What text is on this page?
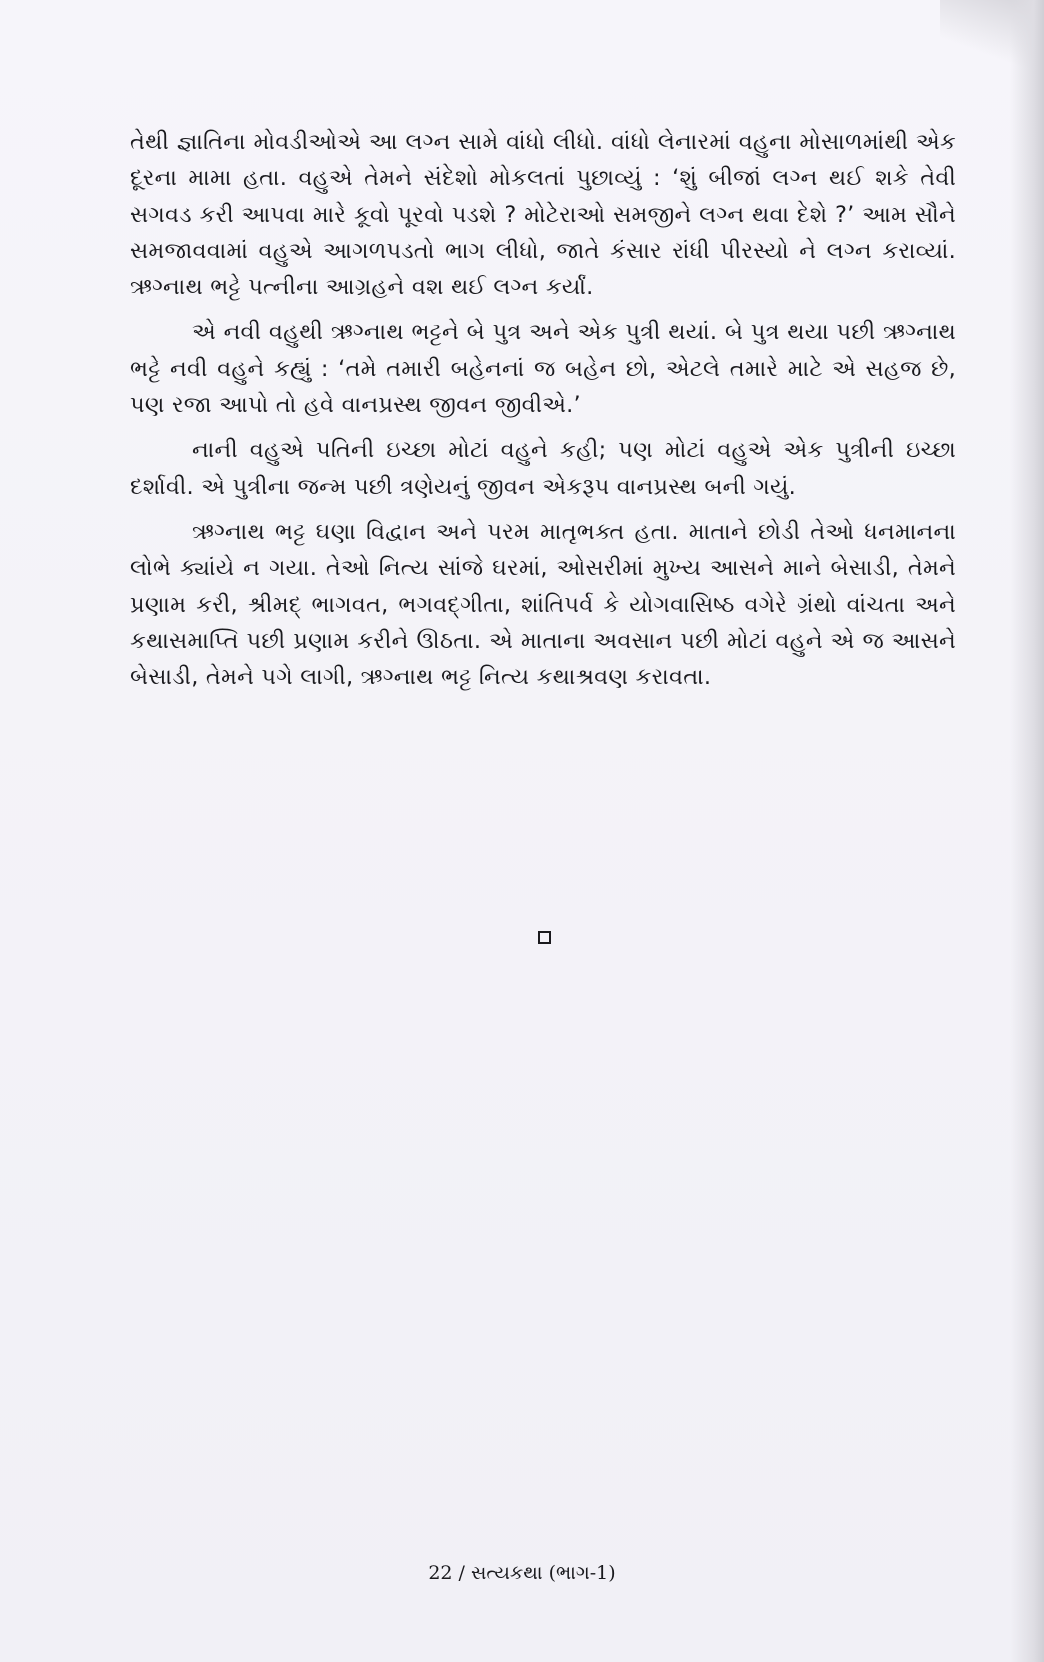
તેથી જ્ઞાતિના મોવડીઓએ આ લગ્ન સામે વાંધો લીધો. વાંધો લેનારમાં વહુના મોસાળમાંથી એક દૂરના મામા હતા. વહુએ તેમને સંદેશો મોકલતાં પુછાવ્યું : ‘શું બીજાં લગ્ન થઈ શકે તેવી સગવડ કરી આપવા મારે કૂવો પૂરવો પડશે ? મોટેરાઓ સમજીને લગ્ન થવા દેશે ?’ આમ સૌને સમજાવવામાં વહુએ આગળપડતો ભાગ લીધો, જાતે કંસાર રાંધી પીરસ્યો ને લગ્ન કરાવ્યાં. ઋગ્નાથ ભટ્ટે પત્નીના આગ્રહને વશ થઈ લગ્ન કર્યાં.

એ નવી વહુથી ઋગ્નાથ ભટ્ટને બે પુત્ર અને એક પુત્રી થયાં. બે પુત્ર થયા પછી ઋગ્નાથ ભટ્ટે નવી વહુને કહ્યું : ‘તમે તમારી બહેનનાં જ બહેન છો, એટલે તમારે માટે એ સહજ છે, પણ રજા આપો તો હવે વાનપ્રસ્થ જીવન જીવીએ.’

નાની વહુએ પતિની ઇચ્છા મોટાં વહુને કહી; પણ મોટાં વહુએ એક પુત્રીની ઇચ્છા દર્શાવી. એ પુત્રીના જન્મ પછી ત્રણેયનું જીવન એકરૂપ વાનપ્રસ્થ બની ગયું.

ઋગ્નાથ ભટ્ટ ઘણા વિદ્વાન અને પરમ માતૃભક્ત હતા. માતાને છોડી તેઓ ધનમાનના લોભે ક્યાંયે ન ગયા. તેઓ નિત્ય સાંજે ઘરમાં, ઓસરીમાં મુખ્ય આસને માને બેસાડી, તેમને પ્રણામ કરી, શ્રીમદ્ ભાગવત, ભગવદ્ગીતા, શાંતિપર્વ કે યોગવાસિષ્ઠ વગેરે ગ્રંથો વાંચતા અને કથાસમાપ્તિ પછી પ્રણામ કરીને ઊઠતા. એ માતાના અવસાન પછી મોટાં વહુને એ જ આસને બેસાડી, તેમને પગે લાગી, ઋગ્નાથ ભટ્ટ નિત્ય કથાશ્રવણ કરાવતા.

22 / સત્યકથા (ભાગ-1)
